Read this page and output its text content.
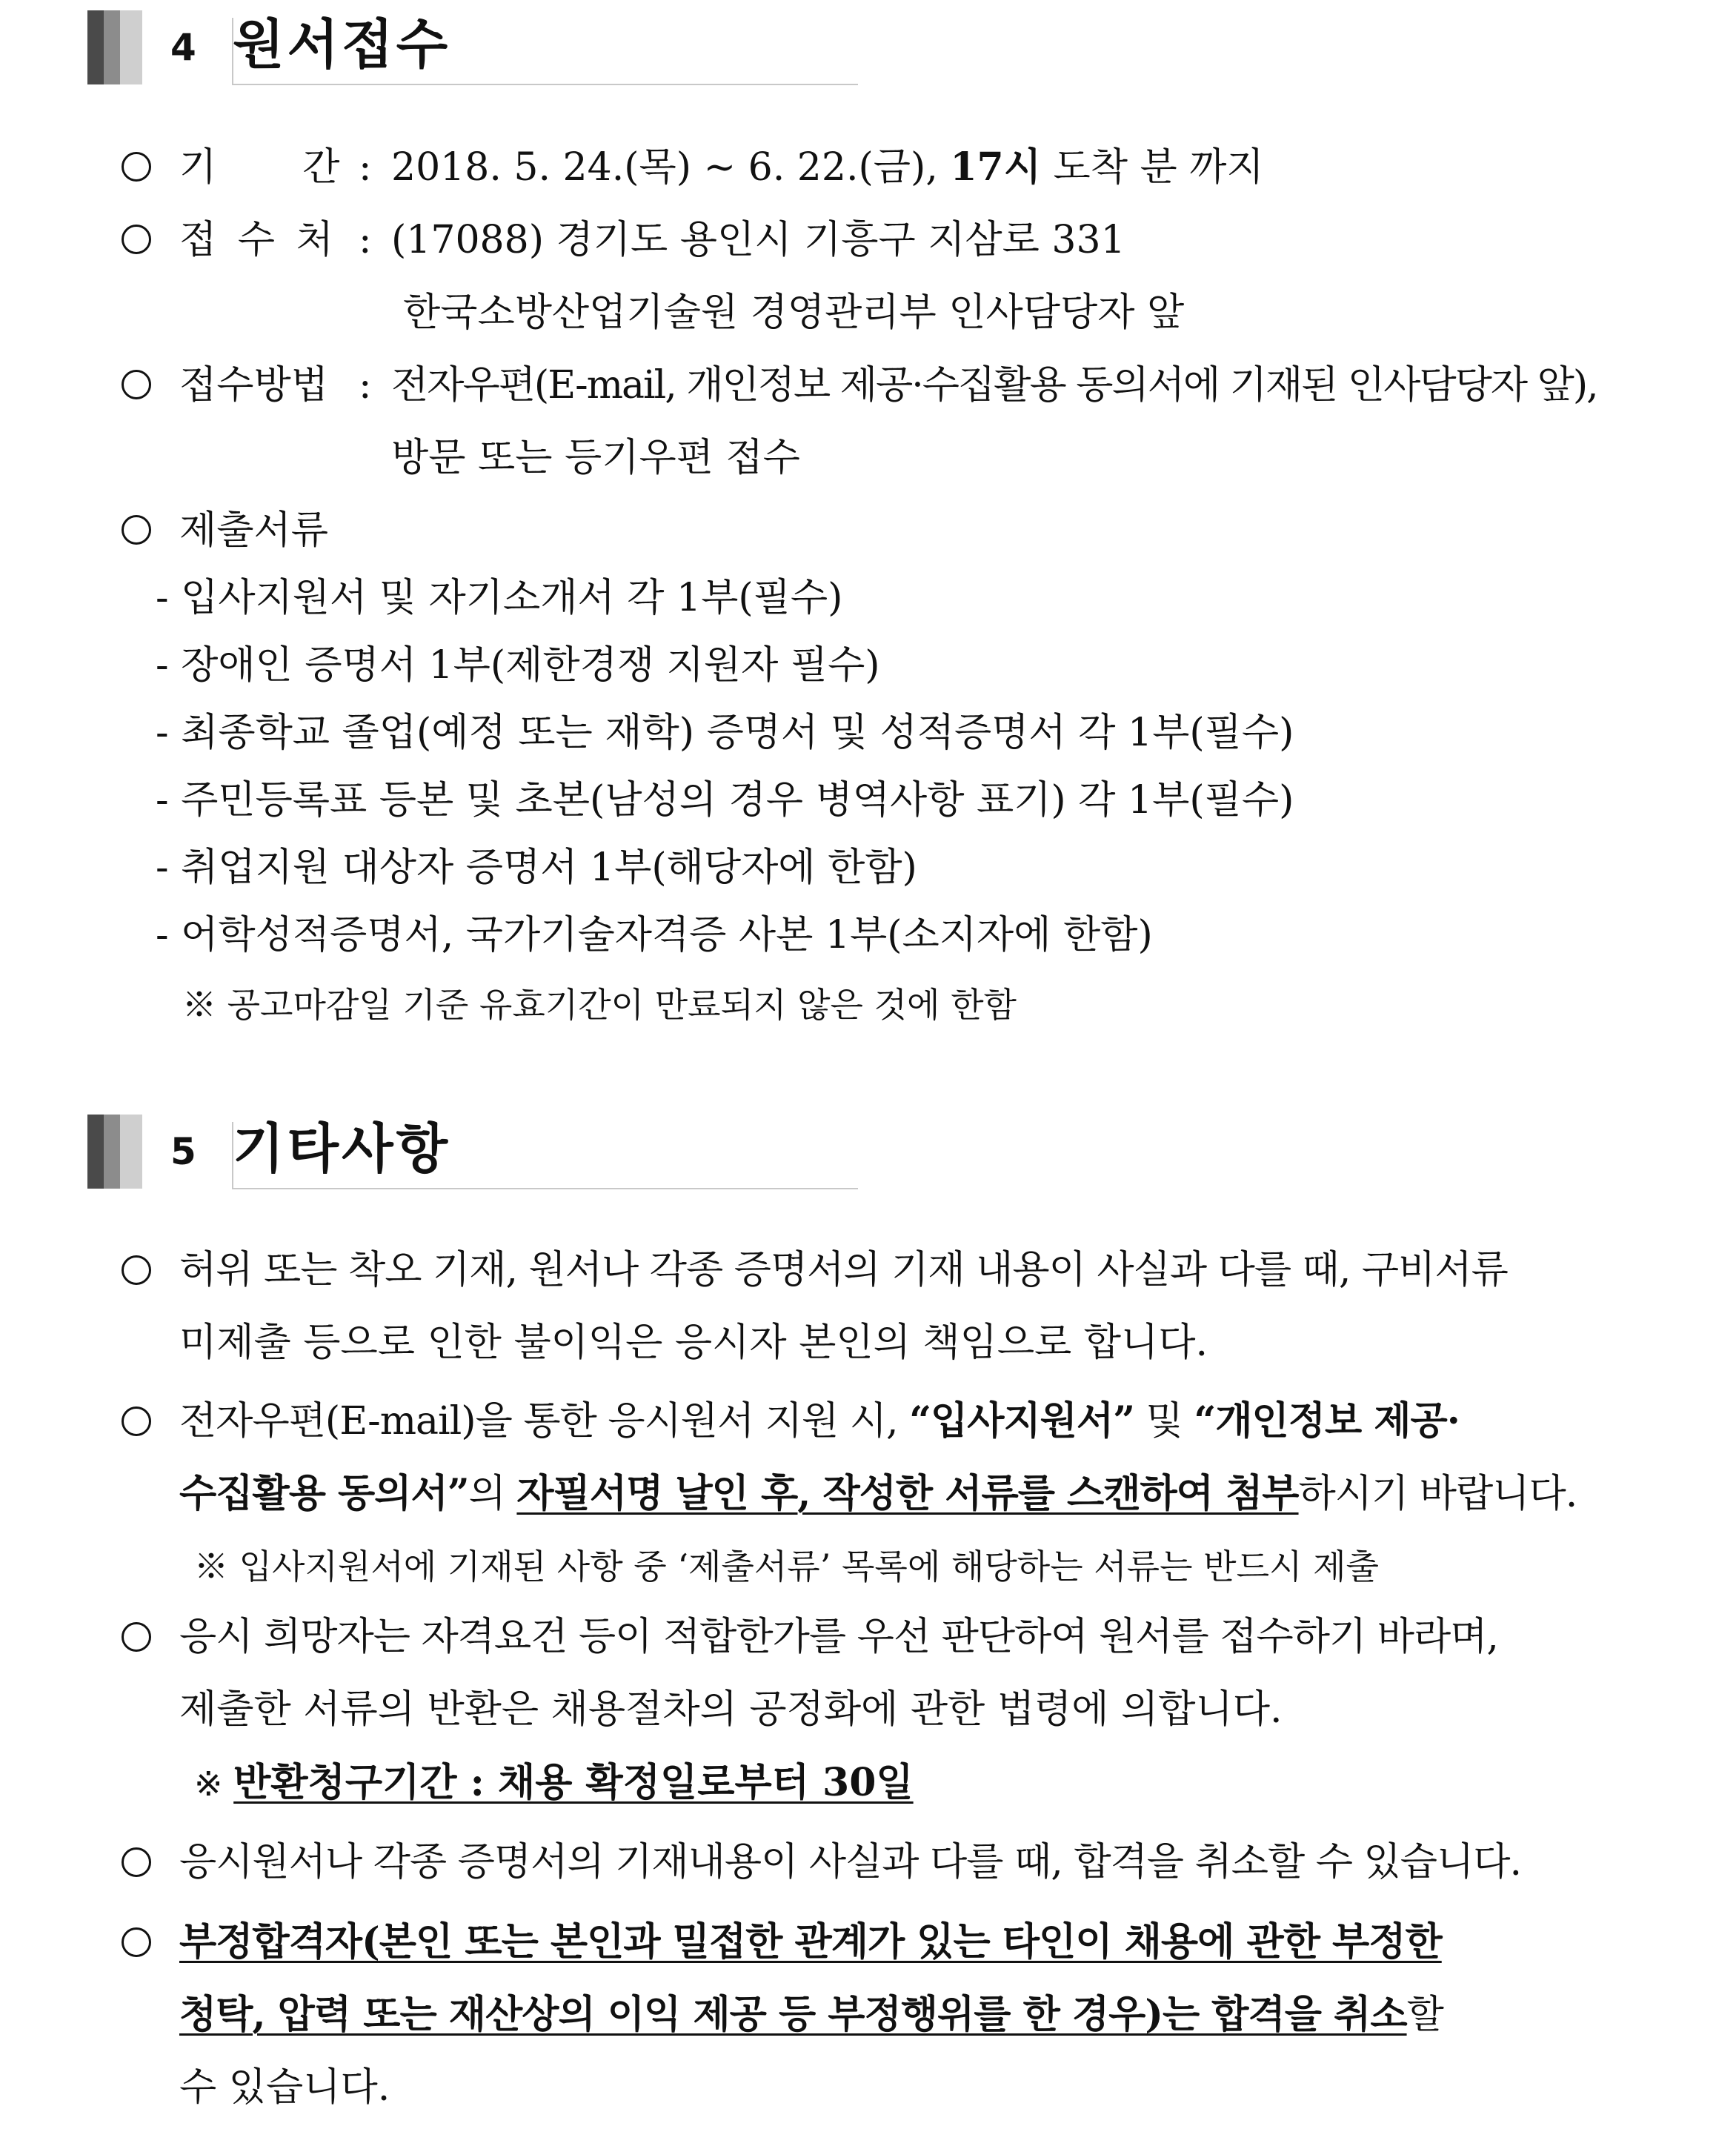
4 원서접수
기　　간 : 2018. 5. 24.(목) ~ 6. 22.(금), 17시 도착 분 까지
접 수 처 : (17088) 경기도 용인시 기흥구 지삼로 331
한국소방산업기술원 경영관리부 인사담당자 앞
접수방법 : 전자우편(E-mail, 개인정보 제공·수집활용 동의서에 기재된 인사담당자 앞),
방문 또는 등기우편 접수
제출서류
- 입사지원서 및 자기소개서 각 1부(필수)
- 장애인 증명서 1부(제한경쟁 지원자 필수)
- 최종학교 졸업(예정 또는 재학) 증명서 및 성적증명서 각 1부(필수)
- 주민등록표 등본 및 초본(남성의 경우 병역사항 표기) 각 1부(필수)
- 취업지원 대상자 증명서 1부(해당자에 한함)
- 어학성적증명서, 국가기술자격증 사본 1부(소지자에 한함)
※ 공고마감일 기준 유효기간이 만료되지 않은 것에 한함
5 기타사항
허위 또는 착오 기재, 원서나 각종 증명서의 기재 내용이 사실과 다를 때, 구비서류
미제출 등으로 인한 불이익은 응시자 본인의 책임으로 합니다.
전자우편(E-mail)을 통한 응시원서 지원 시, “입사지원서” 및 “개인정보 제공·
수집활용 동의서”의 자필서명 날인 후, 작성한 서류를 스캔하여 첨부하시기 바랍니다.
※ 입사지원서에 기재된 사항 중 ‘제출서류’ 목록에 해당하는 서류는 반드시 제출
응시 희망자는 자격요건 등이 적합한가를 우선 판단하여 원서를 접수하기 바라며,
제출한 서류의 반환은 채용절차의 공정화에 관한 법령에 의합니다.
※ 반환청구기간 : 채용 확정일로부터 30일
응시원서나 각종 증명서의 기재내용이 사실과 다를 때, 합격을 취소할 수 있습니다.
부정합격자(본인 또는 본인과 밀접한 관계가 있는 타인이 채용에 관한 부정한
청탁, 압력 또는 재산상의 이익 제공 등 부정행위를 한 경우)는 합격을 취소할
수 있습니다.
